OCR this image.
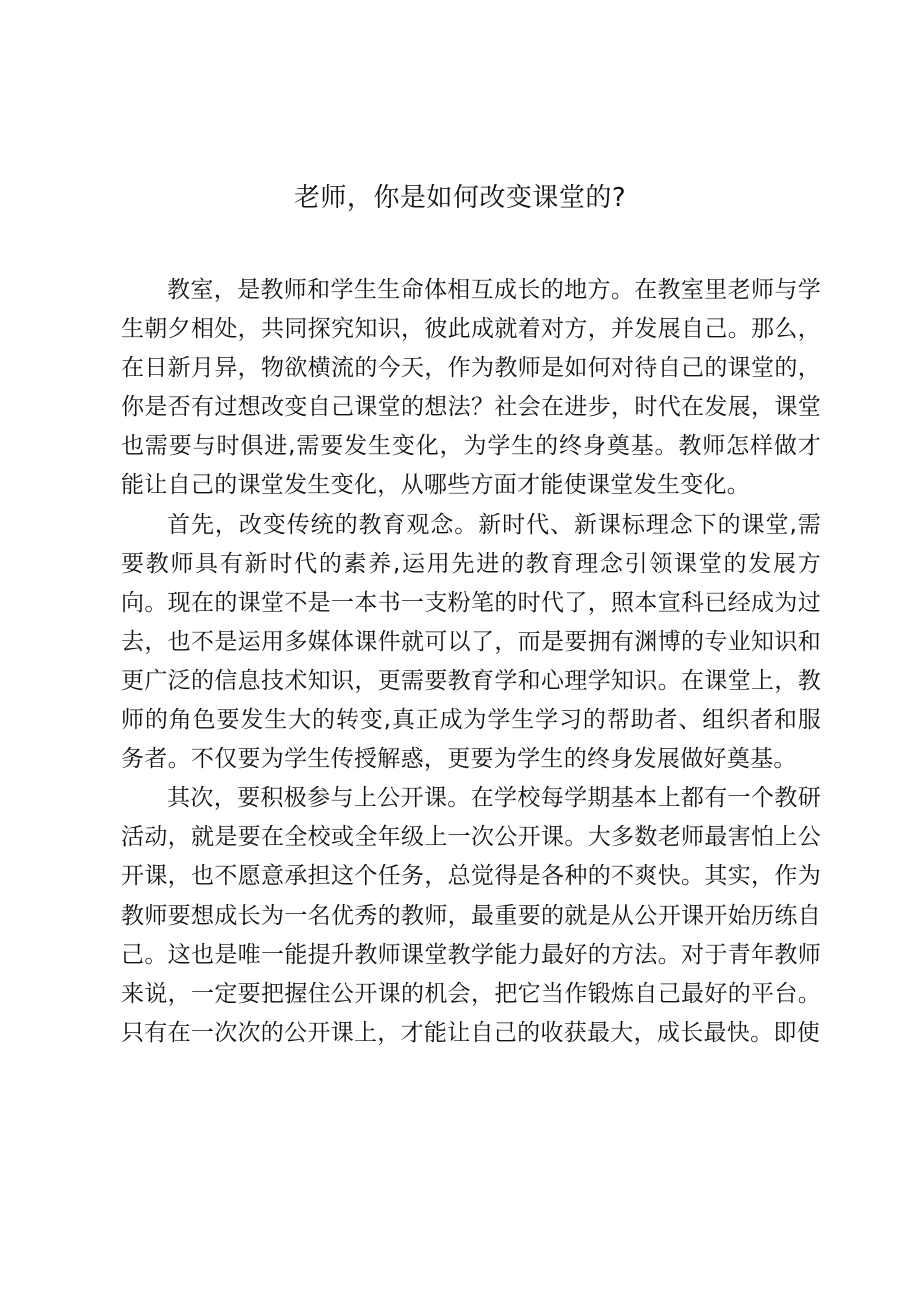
老师，你是如何改变课堂的?

教室，是教师和学生生命体相互成长的地方。在教室里老师与学生朝夕相处，共同探究知识，彼此成就着对方，并发展自己。那么，在日新月异，物欲横流的今天，作为教师是如何对待自己的课堂的，你是否有过想改变自己课堂的想法？社会在进步，时代在发展，课堂也需要与时俱进,需要发生变化，为学生的终身奠基。教师怎样做才能让自己的课堂发生变化，从哪些方面才能使课堂发生变化。

首先，改变传统的教育观念。新时代、新课标理念下的课堂,需要教师具有新时代的素养,运用先进的教育理念引领课堂的发展方向。现在的课堂不是一本书一支粉笔的时代了，照本宣科已经成为过去，也不是运用多媒体课件就可以了，而是要拥有渊博的专业知识和更广泛的信息技术知识，更需要教育学和心理学知识。在课堂上，教师的角色要发生大的转变,真正成为学生学习的帮助者、组织者和服务者。不仅要为学生传授解惑，更要为学生的终身发展做好奠基。

其次，要积极参与上公开课。在学校每学期基本上都有一个教研活动，就是要在全校或全年级上一次公开课。大多数老师最害怕上公开课，也不愿意承担这个任务，总觉得是各种的不爽快。其实，作为教师要想成长为一名优秀的教师，最重要的就是从公开课开始历练自己。这也是唯一能提升教师课堂教学能力最好的方法。对于青年教师来说，一定要把握住公开课的机会，把它当作锻炼自己最好的平台。只有在一次次的公开课上，才能让自己的收获最大，成长最快。即使
